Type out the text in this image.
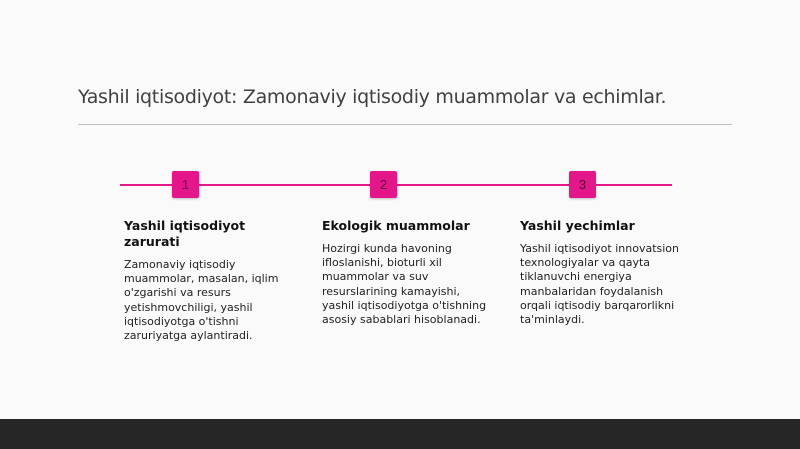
Yashil iqtisodiyot: Zamonaviy iqtisodiy muammolar va echimlar.
1	2	3
Yashil iqtisodiyot zarurati

Zamonaviy iqtisodiy muammolar, masalan, iqlim o'zgarishi va resurs yetishmovchiligi, yashil iqtisodiyotga o'tishni zaruriyatga aylantiradi.

Ekologik muammolar

Hozirgi kunda havoning ifloslanishi, bioturli xil muammolar va suv resurslarining kamayishi, yashil iqtisodiyotga o'tishning asosiy sabablari hisoblanadi.

Yashil yechimlar

Yashil iqtisodiyot innovatsion texnologiyalar va qayta tiklanuvchi energiya manbalaridan foydalanish orqali iqtisodiy barqarorlikni ta'minlaydi.
